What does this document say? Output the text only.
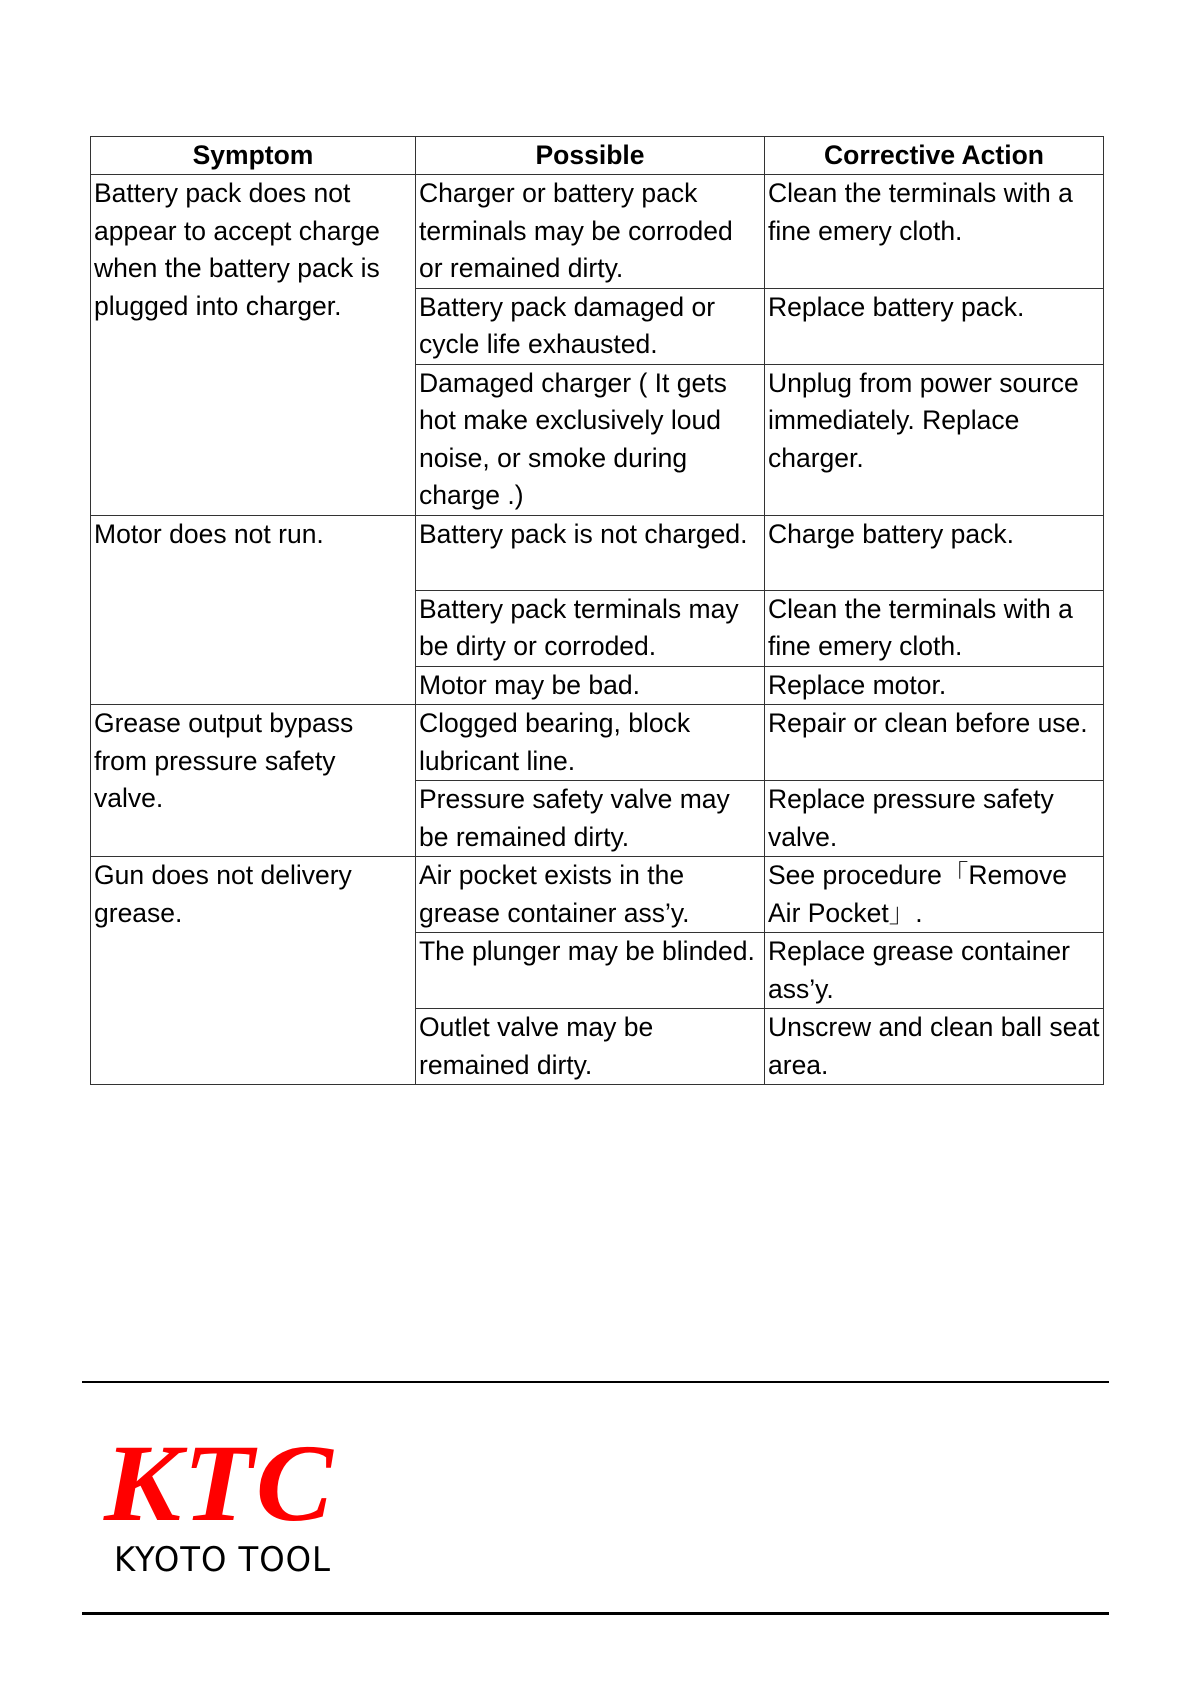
Symptom	Possible	Corrective Action
Battery pack does not appear to accept charge when the battery pack is plugged into charger.	Charger or battery pack terminals may be corroded or remained dirty.	Clean the terminals with a fine emery cloth.
	Battery pack damaged or cycle life exhausted.	Replace battery pack.
	Damaged charger ( It gets hot make exclusively loud noise, or smoke during charge .)	Unplug from power source immediately. Replace charger.
Motor does not run.	Battery pack is not charged.	Charge battery pack.
	Battery pack terminals may be dirty or corroded.	Clean the terminals with a fine emery cloth.
	Motor may be bad.	Replace motor.
Grease output bypass from pressure safety valve.	Clogged bearing, block lubricant line.	Repair or clean before use.
	Pressure safety valve may be remained dirty.	Replace pressure safety valve.
Gun does not delivery grease.	Air pocket exists in the grease container ass’y.	See procedure「Remove Air Pocket」.
	The plunger may be blinded.	Replace grease container ass’y.
	Outlet valve may be remained dirty.	Unscrew and clean ball seat area.
KTC
KYOTO TOOL
